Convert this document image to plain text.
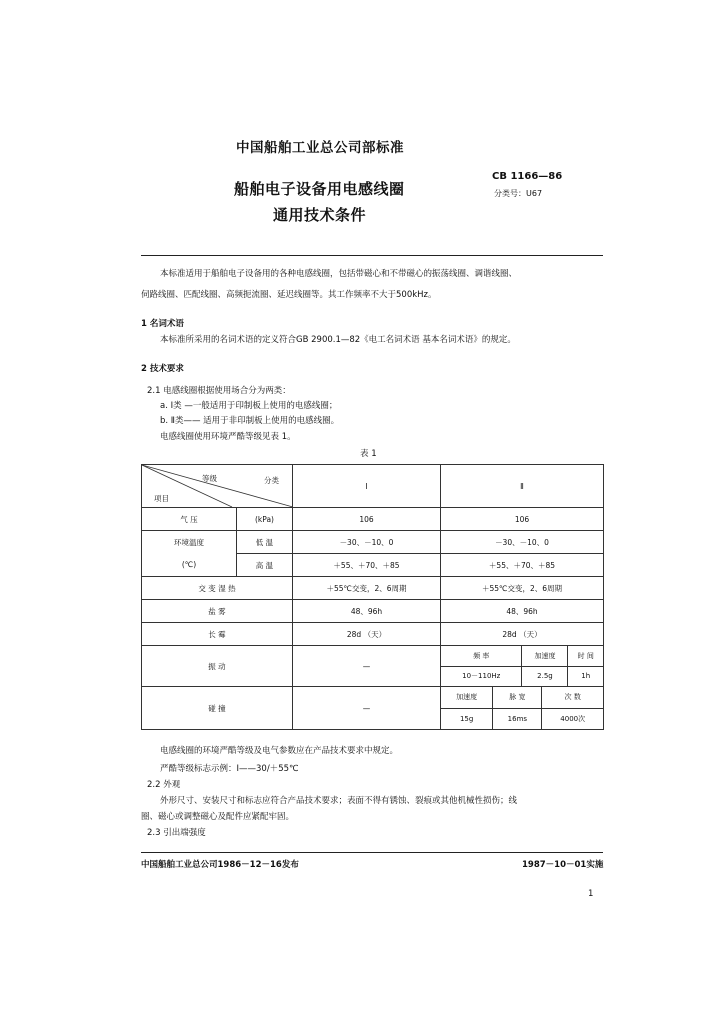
中国船舶工业总公司部标准
船舶电子设备用电感线圈
通用技术条件
CB 1166—86
分类号：U67
本标准适用于船舶电子设备用的各种电感线圈，包括带磁心和不带磁心的振荡线圈、调谐线圈、
伺路线圈、匹配线圈、高频扼流圈、延迟线圈等。其工作频率不大于500kHz。
1 名词术语
本标准所采用的名词术语的定义符合GB 2900.1—82《电工名词术语 基本名词术语》的规定。
2 技术要求
2.1 电感线圈根据使用场合分为两类：
a. Ⅰ类 —一般适用于印制板上使用的电感线圈；
b. Ⅱ类—— 适用于非印制板上使用的电感线圈。
电感线圈使用环境严酷等级见表 1。
表 1
等级	分类
项目
	Ⅰ	Ⅱ
气 压	(kPa)	106	106
环境温度	低 温	－30、－10、0	－30、－10、0
(℃)	高 温	＋55、＋70、＋85	＋55、＋70、＋85
交 变 湿 热	＋55℃交变，2、6周期	＋55℃交变，2、6周期
盐 雾	48、96h	48、96h
长 霉	28d （天）	28d （天）
振 动	—	
频 率	加速度	时 间
10－110Hz	2.5g	1h

碰 撞	—	
加速度	脉 宽	次 数
15g	16ms	4000次
电感线圈的环境严酷等级及电气参数应在产品技术要求中规定。
严酷等级标志示例：Ⅰ——30/＋55℃
2.2 外观
外形尺寸、安装尺寸和标志应符合产品技术要求；表面不得有锈蚀、裂痕或其他机械性损伤；线
圈、磁心或调整磁心及配件应紧配牢固。
2.3 引出端强度
中国船舶工业总公司1986－12－16发布	1987－10－01实施
1
